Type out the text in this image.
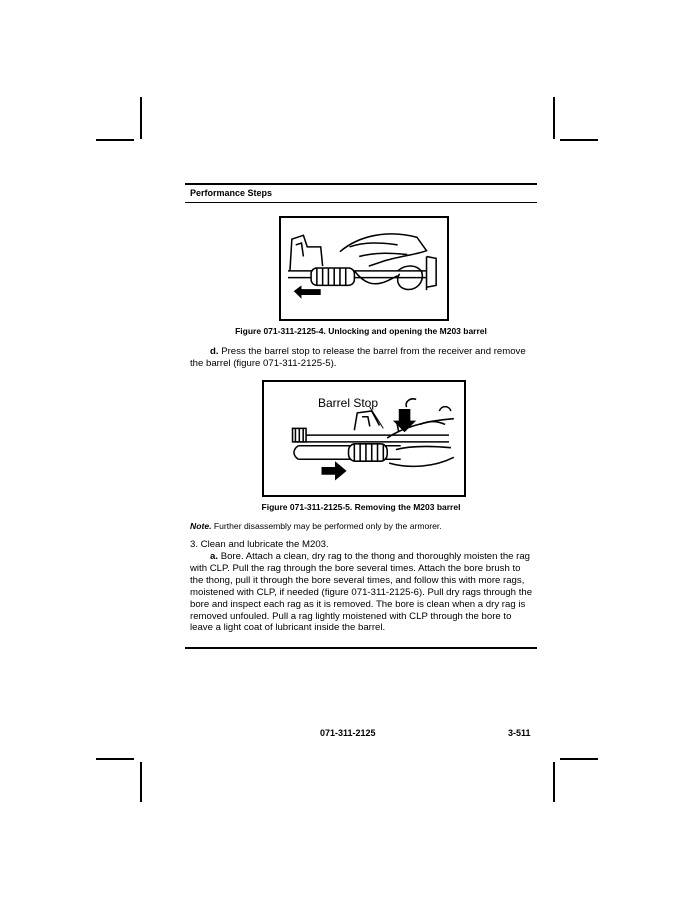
Performance Steps
Figure 071-311-2125-4. Unlocking and opening the M203 barrel
d. Press the barrel stop to release the barrel from the receiver and remove the barrel (figure 071-311-2125-5).
Barrel Stop
Figure 071-311-2125-5. Removing the M203 barrel
Note. Further disassembly may be performed only by the armorer.
3. Clean and lubricate the M203.
a. Bore. Attach a clean, dry rag to the thong and thoroughly moisten the rag with CLP. Pull the rag through the bore several times. Attach the bore brush to the thong, pull it through the bore several times, and follow this with more rags, moistened with CLP, if needed (figure 071-311-2125-6). Pull dry rags through the bore and inspect each rag as it is removed. The bore is clean when a dry rag is removed unfouled. Pull a rag lightly moistened with CLP through the bore to leave a light coat of lubricant inside the barrel.
071-311-2125	3-511
